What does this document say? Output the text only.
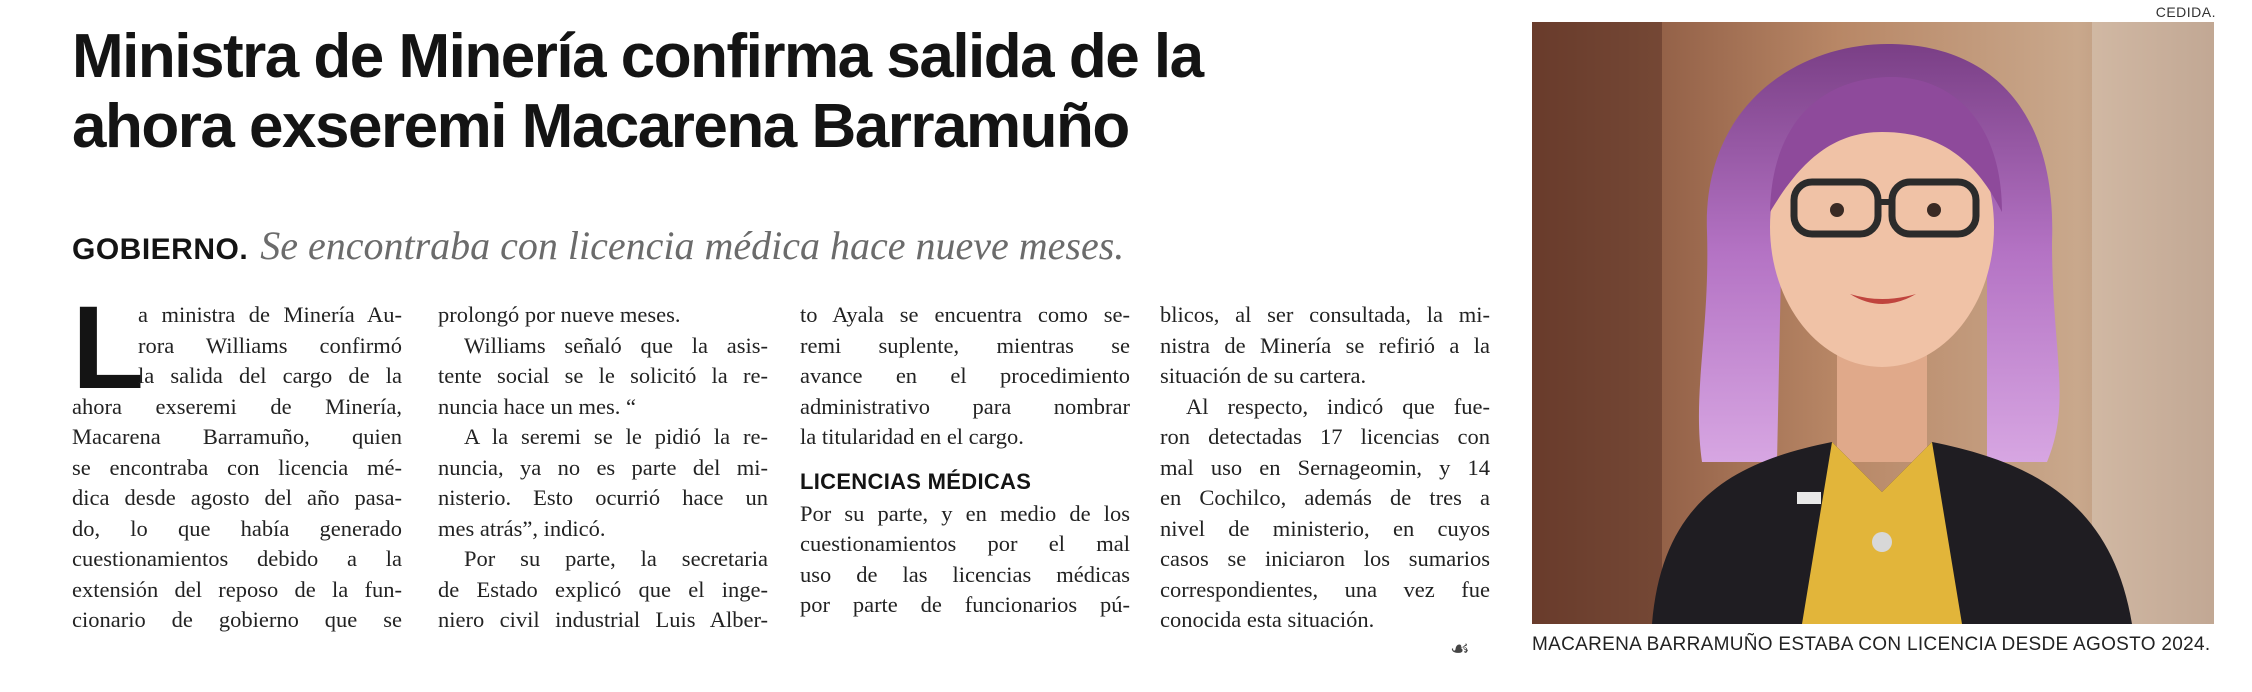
CEDIDA.
Ministra de Minería confirma salida de la
ahora exseremi Macarena Barramuño
GOBIERNO. Se encontraba con licencia médica hace nueve meses.
L
a ministra de Minería Au-
rora Williams confirmó
la salida del cargo de la
ahora exseremi de Minería,
Macarena Barramuño, quien
se encontraba con licencia mé-
dica desde agosto del año pasa-
do, lo que había generado
cuestionamientos debido a la
extensión del reposo de la fun-
cionario de gobierno que se
prolongó por nueve meses.
Williams señaló que la asis-
tente social se le solicitó la re-
nuncia hace un mes. “
A la seremi se le pidió la re-
nuncia, ya no es parte del mi-
nisterio. Esto ocurrió hace un
mes atrás”, indicó.
Por su parte, la secretaria
de Estado explicó que el inge-
niero civil industrial Luis Alber-
to Ayala se encuentra como se-
remi suplente, mientras se
avance en el procedimiento
administrativo para nombrar
la titularidad en el cargo.
LICENCIAS MÉDICAS
Por su parte, y en medio de los
cuestionamientos por el mal
uso de las licencias médicas
por parte de funcionarios pú-
blicos, al ser consultada, la mi-
nistra de Minería se refirió a la
situación de su cartera.
Al respecto, indicó que fue-
ron detectadas 17 licencias con
mal uso en Sernageomin, y 14
en Cochilco, además de tres a
nivel de ministerio, en cuyos
casos se iniciaron los sumarios
correspondientes, una vez fue
conocida esta situación.
☙	MACARENA BARRAMUÑO ESTABA CON LICENCIA DESDE AGOSTO 2024.
